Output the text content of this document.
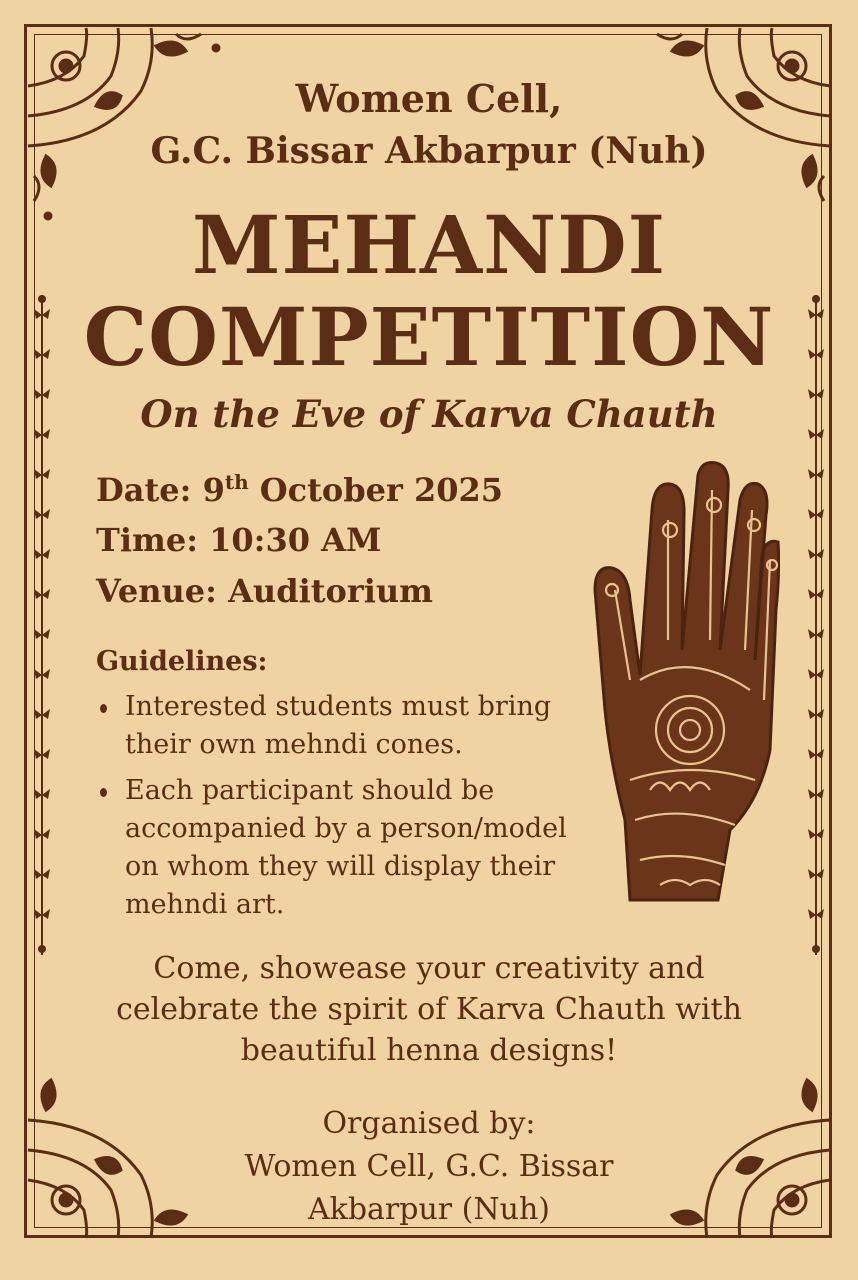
Women Cell,
G.C. Bissar Akbarpur (Nuh)
MEHANDI
COMPETITION
On the Eve of Karva Chauth
Date: 9th October 2025
Time: 10:30 AM
Venue: Auditorium
Guidelines:
Interested students must bring their own mehndi cones.
Each participant should be accompanied by a person/model on whom they will display their mehndi art.
Come, showease your creativity and
celebrate the spirit of Karva Chauth with
beautiful henna designs!
Organised by:
Women Cell, G.C. Bissar
Akbarpur (Nuh)
